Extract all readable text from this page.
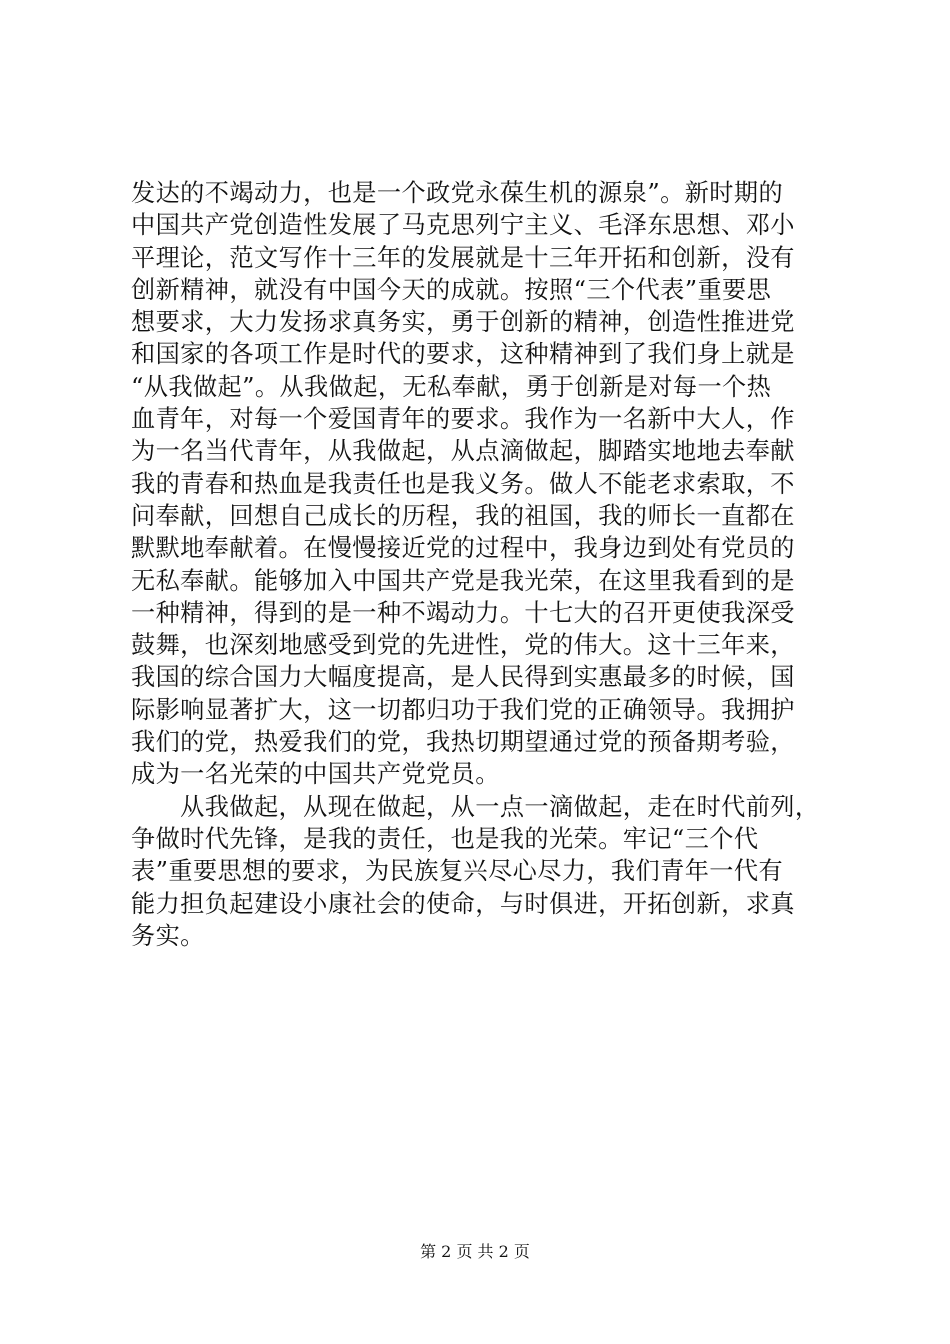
发达的不竭动力，也是一个政党永葆生机的源泉”。新时期的
中国共产党创造性发展了马克思列宁主义、毛泽东思想、邓小
平理论，范文写作十三年的发展就是十三年开拓和创新，没有
创新精神，就没有中国今天的成就。按照“三个代表”重要思
想要求，大力发扬求真务实，勇于创新的精神，创造性推进党
和国家的各项工作是时代的要求，这种精神到了我们身上就是
“从我做起”。从我做起，无私奉献，勇于创新是对每一个热
血青年，对每一个爱国青年的要求。我作为一名新中大人，作
为一名当代青年，从我做起，从点滴做起，脚踏实地地去奉献
我的青春和热血是我责任也是我义务。做人不能老求索取，不
问奉献，回想自己成长的历程，我的祖国，我的师长一直都在
默默地奉献着。在慢慢接近党的过程中，我身边到处有党员的
无私奉献。能够加入中国共产党是我光荣，在这里我看到的是
一种精神，得到的是一种不竭动力。十七大的召开更使我深受
鼓舞，也深刻地感受到党的先进性，党的伟大。这十三年来，
我国的综合国力大幅度提高，是人民得到实惠最多的时候，国
际影响显著扩大，这一切都归功于我们党的正确领导。我拥护
我们的党，热爱我们的党，我热切期望通过党的预备期考验，
成为一名光荣的中国共产党党员。
　　从我做起，从现在做起，从一点一滴做起，走在时代前列，
争做时代先锋，是我的责任，也是我的光荣。牢记“三个代
表”重要思想的要求，为民族复兴尽心尽力，我们青年一代有
能力担负起建设小康社会的使命，与时俱进，开拓创新，求真
务实。
第 2 页 共 2 页
